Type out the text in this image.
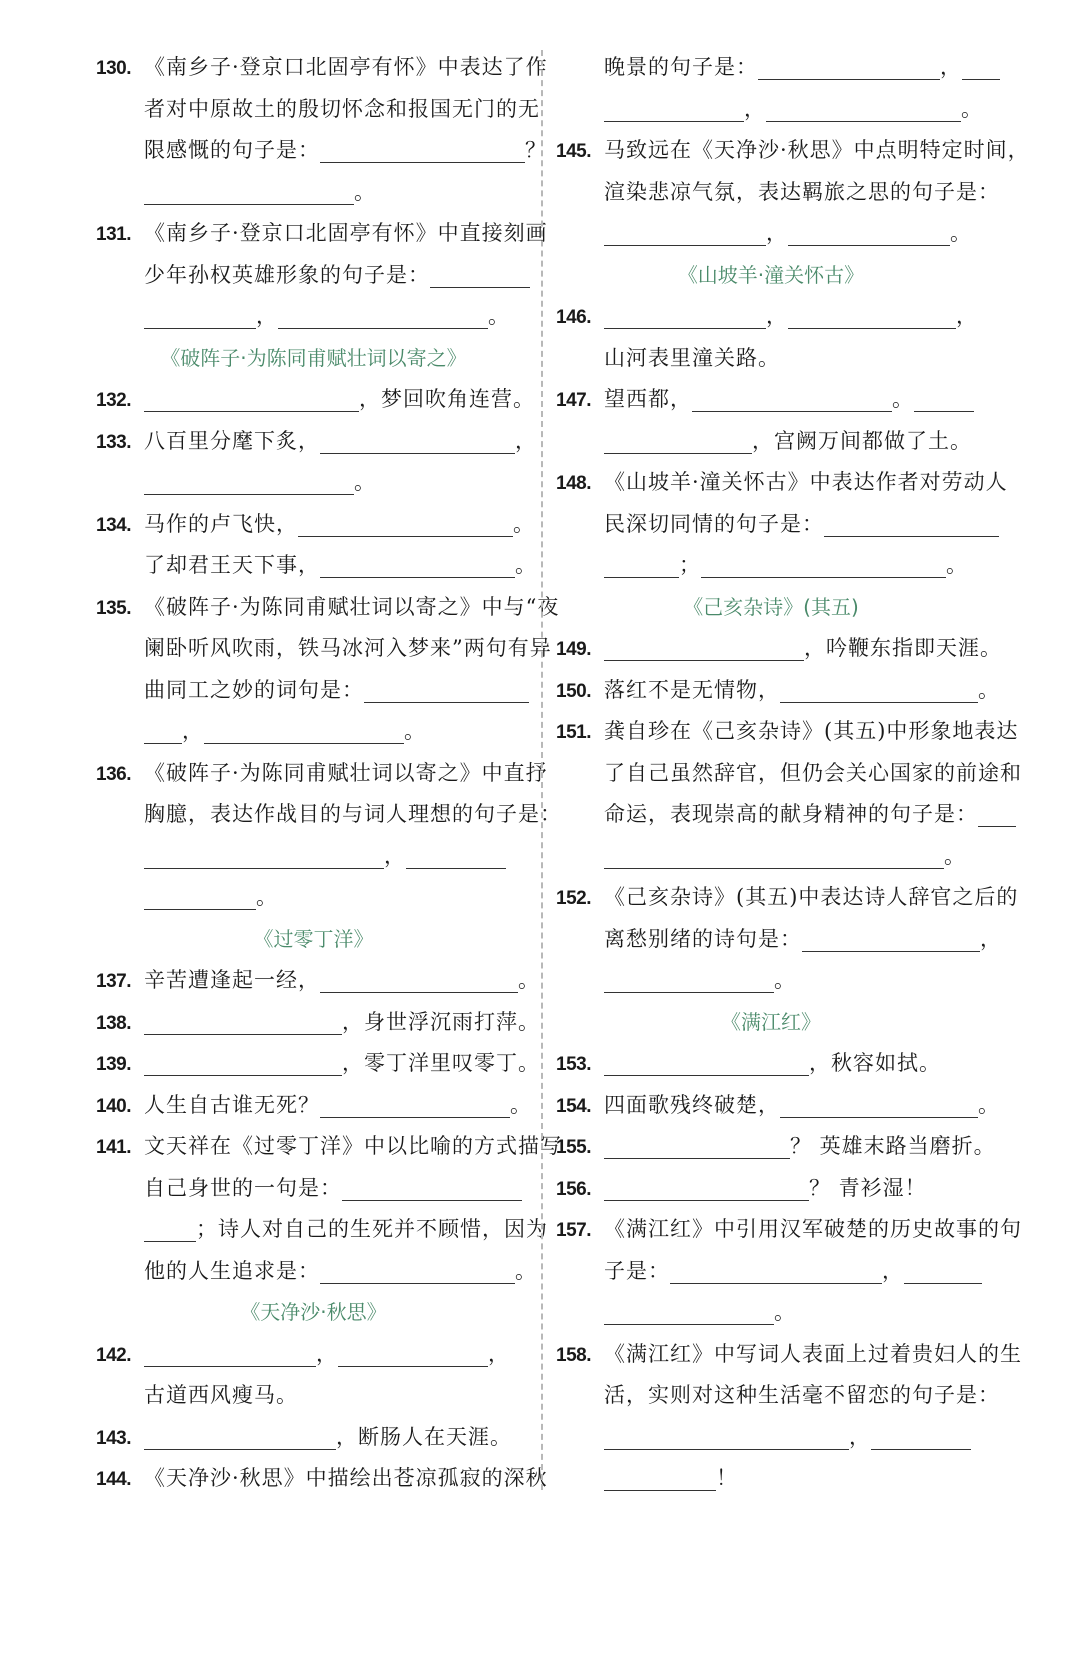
130. 《南乡子·登京口北固亭有怀》中表达了作
者对中原故土的殷切怀念和报国无门的无
限感慨的句子是：	？
。
131. 《南乡子·登京口北固亭有怀》中直接刻画
少年孙权英雄形象的句子是：
，	。
《破阵子·为陈同甫赋壮词以寄之》
132.	，梦回吹角连营。
133. 八百里分麾下炙，	，
。
134. 马作的卢飞快，	。
了却君王天下事，	。
135. 《破阵子·为陈同甫赋壮词以寄之》中与“夜
阑卧听风吹雨，铁马冰河入梦来”两句有异
曲同工之妙的词句是：
，	。
136. 《破阵子·为陈同甫赋壮词以寄之》中直抒
胸臆，表达作战目的与词人理想的句子是：
，
。
《过零丁洋》
137. 辛苦遭逢起一经，	。
138.	，身世浮沉雨打萍。
139.	，零丁洋里叹零丁。
140. 人生自古谁无死？	。
141. 文天祥在《过零丁洋》中以比喻的方式描写
自己身世的一句是：
；诗人对自己的生死并不顾惜，因为
他的人生追求是：	。
《天净沙·秋思》
142.	，	，
古道西风瘦马。
143.	，断肠人在天涯。
144. 《天净沙·秋思》中描绘出苍凉孤寂的深秋
晚景的句子是：	，
，	。
145. 马致远在《天净沙·秋思》中点明特定时间，
渲染悲凉气氛，表达羁旅之思的句子是：
，	。
《山坡羊·潼关怀古》
146.	，	，
山河表里潼关路。
147. 望西都，	。
，宫阙万间都做了土。
148. 《山坡羊·潼关怀古》中表达作者对劳动人
民深切同情的句子是：
；	。
《己亥杂诗》(其五)
149.	，吟鞭东指即天涯。
150. 落红不是无情物，	。
151. 龚自珍在《己亥杂诗》(其五)中形象地表达
了自己虽然辞官，但仍会关心国家的前途和
命运，表现崇高的献身精神的句子是：
。
152. 《己亥杂诗》(其五)中表达诗人辞官之后的
离愁别绪的诗句是：	，
。
《满江红》
153.	，秋容如拭。
154. 四面歌残终破楚，	。
155.	？ 英雄末路当磨折。
156.	？ 青衫湿！
157. 《满江红》中引用汉军破楚的历史故事的句
子是：	，
。
158. 《满江红》中写词人表面上过着贵妇人的生
活，实则对这种生活毫不留恋的句子是：
，
！
